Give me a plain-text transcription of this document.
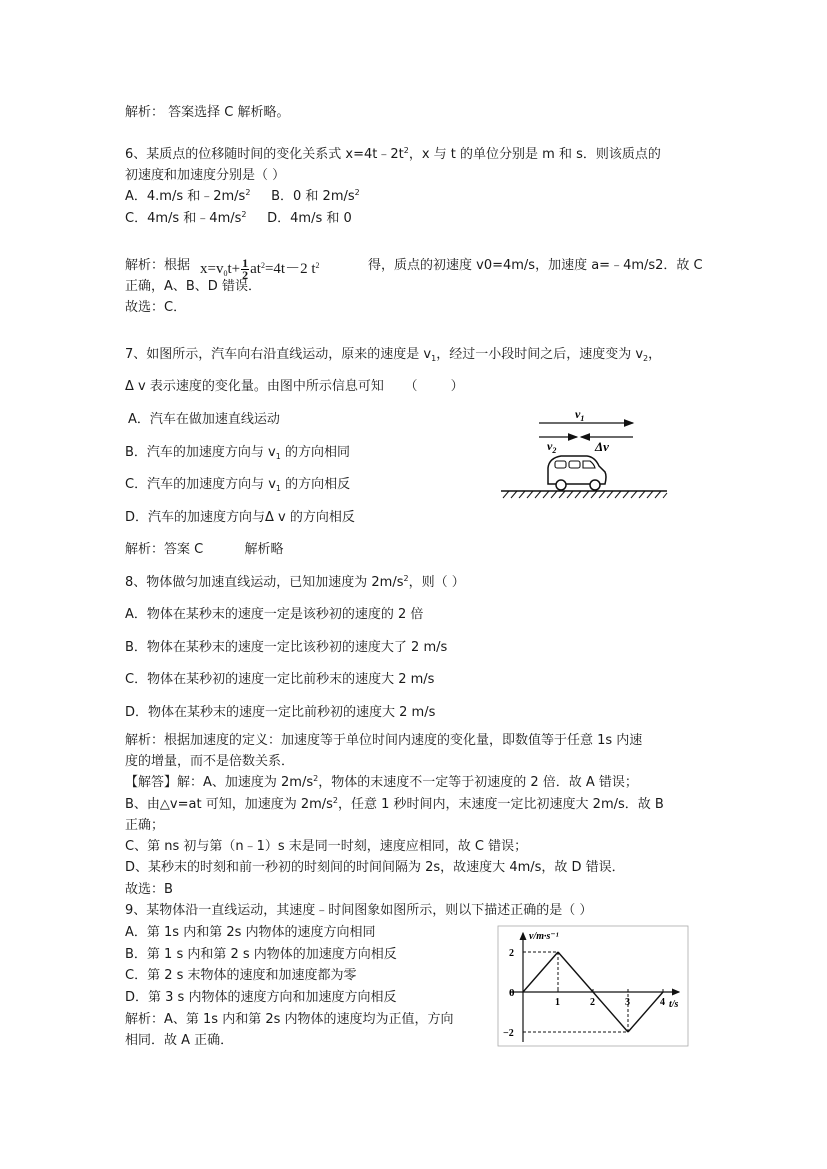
解析： 答案选择 C 解析略。
6、某质点的位移随时间的变化关系式 $x=4t﹣2t^2$，x 与 t 的单位分别是 m 和 s．则该质点的
初速度和加速度分别是（ ）
A．4.m/s 和$﹣2m/s^2$     B．0 和 $2m/s^2$
C．4m/s 和$﹣4m/s^2$     D．4m/s 和 0
解析：根据 $x=v_0t+ \frac{1}{2} at^2=4t-2$ $t^2$	得，质点的初速度 v0=4m/s，加速度 a=﹣4m/s2．故 C
正确，A、B、D 错误．
故选：C．
7、如图所示，汽车向右沿直线运动，原来的速度是 $v_1$，经过一小段时间之后，速度变为 $v_2$，
Δ v 表示速度的变化量。由图中所示信息可知     （        ）
A．汽车在做加速直线运动
B．汽车的加速度方向与 $v_1$ 的方向相同
C．汽车的加速度方向与 $v_1$ 的方向相反
D．汽车的加速度方向与Δ v 的方向相反
解析：答案 C          解析略
$v_1$
$v_2$	Δv
8、物体做匀加速直线运动，已知加速度为 $2m/s^2$，则（ ）
A．物体在某秒末的速度一定是该秒初的速度的 2 倍
B．物体在某秒末的速度一定比该秒初的速度大了 2 m/s
C．物体在某秒初的速度一定比前秒末的速度大 2 m/s
D．物体在某秒末的速度一定比前秒初的速度大 2 m/s
解析：根据加速度的定义：加速度等于单位时间内速度的变化量，即数值等于任意 1s 内速
度的增量，而不是倍数关系．
【解答】解：A、加速度为 $2m/s^2$，物体的末速度不一定等于初速度的 2 倍．故 A 错误；
B、由△v=at 可知，加速度为 $2m/s^2$，任意 1 秒时间内，末速度一定比初速度大 2m/s．故 B
正确；
C、第 ns 初与第（n﹣1）s 末是同一时刻，速度应相同，故 C 错误；
D、某秒末的时刻和前一秒初的时刻间的时间间隔为 2s，故速度大 4m/s，故 D 错误．
故选：B
9、某物体沿一直线运动，其速度﹣时间图象如图所示，则以下描述正确的是（ ）
A．第 1s 内和第 2s 内物体的速度方向相同
B．第 1 s 内和第 2 s 内物体的加速度方向相反
C．第 2 s 末物体的速度和加速度都为零
D．第 3 s 内物体的速度方向和加速度方向相反
解析：A、第 1s 内和第 2s 内物体的速度均为正值，方向
相同．故 A 正确．
v/m·s⁻¹
t/s
0
1	2	3	4
2
−2
